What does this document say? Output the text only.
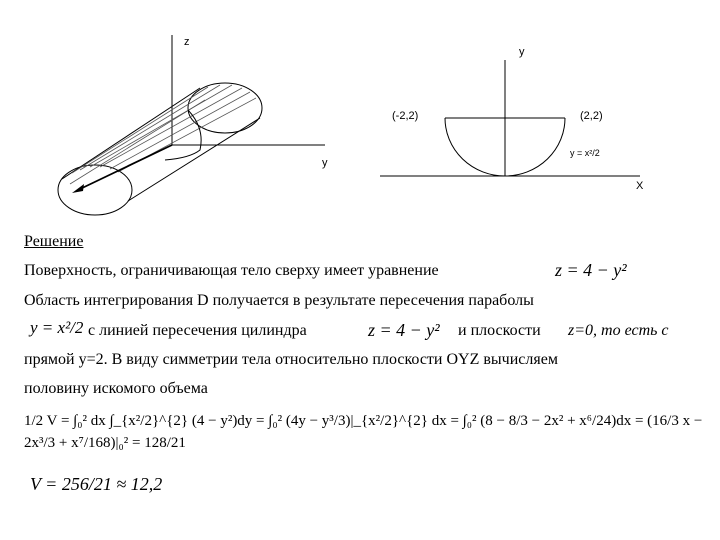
z
y
y
X
(-2,2)	(2,2)
y = x²/2
Решение
Поверхность, ограничивающая тело сверху имеет уравнение	z = 4 − y²
Область интегрирования D получается в результате пересечения параболы
y = x²/2 с линией пересечения цилиндра	z = 4 − y² и плоскости z=0, то есть с
прямой y=2. В виду симметрии тела относительно плоскости OYZ вычисляем
половину искомого объема
1/2 V = ∫₀² dx ∫_{x²/2}^{2} (4 − y²)dy = ∫₀² (4y − y³/3)|_{x²/2}^{2} dx = ∫₀² (8 − 8/3 − 2x² + x⁶/24)dx = (16/3 x − 2x³/3 + x⁷/168)|₀² = 128/21
V = 256/21 ≈ 12,2
